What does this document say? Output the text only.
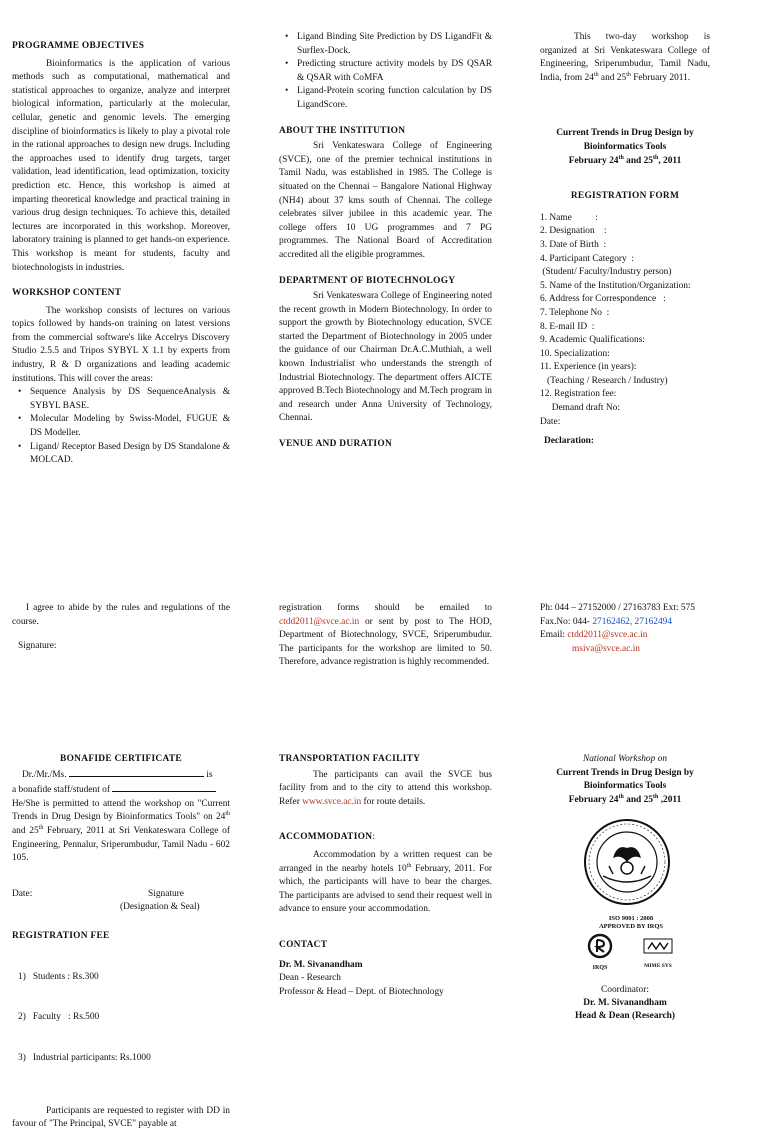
PROGRAMME OBJECTIVES

Bioinformatics is the application of various methods such as computational, mathematical and statistical approaches to organize, analyze and interpret biological information, particularly at the molecular, cellular, genetic and genomic levels. The emerging discipline of bioinformatics is likely to play a pivotal role in the rational approaches to design new drugs. Including the approaches used to identify drug targets, target validation, lead identification, lead optimization, toxicity prediction etc. Hence, this workshop is aimed at imparting theoretical knowledge and practical training in various drug design techniques. To achieve this, detailed lectures are incorporated in this workshop. Moreover, laboratory training is planned to get hands-on experience. This workshop is meant for students, faculty and biotechnologists in industries.

WORKSHOP CONTENT

The workshop consists of lectures on various topics followed by hands-on training on latest versions from the commercial software's like Accelrys Discovery Studio 2.5.5 and Tripos SYBYL X 1.1 by experts from industry, R & D organizations and leading academic institutions. This will cover the areas:

• Sequence Analysis by DS SequenceAnalysis & SYBYL BASE.
• Molecular Modeling by Swiss-Model, FUGUE & DS Modeller.
• Ligand/ Receptor Based Design by DS Standalone & MOLCAD.
• Ligand Binding Site Prediction by DS LigandFit & Surflex-Dock.
• Predicting structure activity models by DS QSAR & QSAR with CoMFA
• Ligand-Protein scoring function calculation by DS LigandScore.
ABOUT THE INSTITUTION

Sri Venkateswara College of Engineering (SVCE), one of the premier technical institutions in Tamil Nadu, was established in 1985. The College is situated on the Chennai – Bangalore National Highway (NH4) about 37 kms south of Chennai. The college celebrates silver jubilee in this academic year. The college offers 10 UG programmes and 7 PG programmes. The National Board of Accreditation accredited all the eligible programmes.

DEPARTMENT OF BIOTECHNOLOGY

Sri Venkateswara College of Engineering noted the recent growth in Modern Biotechnology. In order to support the growth by Biotechnology education, SVCE started the Department of Biotechnology in 2005 under the guidance of our Chairman Dr.A.C.Muthiah, a well known Industrialist who understands the strength of Industrial Biotechnology. The department offers AICTE approved B.Tech Biotechnology and M.Tech program in and research under Anna University of Technology, Chennai.

VENUE AND DURATION

This two-day workshop is organized at Sri Venkateswara College of Engineering, Sriperumbudur, Tamil Nadu, India, from 24th and 25th February 2011.

Current Trends in Drug Design by
Bioinformatics Tools
February 24th and 25th, 2011
REGISTRATION FORM
1. Name          :
2. Designation    :
3. Date of Birth  :
4. Participant Category  :
(Student/ Faculty/Industry person)
5. Name of the Institution/Organization:
6. Address for Correspondence   :
7. Telephone No  :
8. E-mail ID  :
9. Academic Qualifications:
10. Specialization:
11. Experience (in years):
(Teaching / Research / Industry)
12. Registration fee:
Demand draft No:
Date:
Declaration:

I agree to abide by the rules and regulations of the course.

Signature:

registration forms should be emailed to ctdd2011@svce.ac.in or sent by post to The HOD, Department of Biotechnology, SVCE, Sriperumbudur. The participants for the workshop are limited to 50. Therefore, advance registration is highly recommended.

Ph: 044 – 27152000 / 27163783 Ext: 575
Fax.No: 044- 27162462, 27162494
Email: ctdd2011@svce.ac.in
msiva@svce.ac.in
BONAFIDE CERTIFICATE
Dr./Mr./Ms.	is
a bonafide staff/student of

He/She is permitted to attend the workshop on "Current Trends in Drug Design by Bioinformatics Tools" on 24th and 25th February, 2011 at Sri Venkateswara College of Engineering, Pennalur, Sriperumbudur, Tamil Nadu - 602 105.

Date:	Signature
(Designation & Seal)
REGISTRATION FEE

1)   Students : Rs.300

2)   Faculty   : Rs.500

3)   Industrial participants: Rs.1000

Participants are requested to register with DD in favour of "The Principal, SVCE" payable at

TRANSPORTATION FACILITY

The participants can avail the SVCE bus facility from and to the city to attend this workshop. Refer www.svce.ac.in for route details.

ACCOMMODATION:

Accommodation by a written request can be arranged in the nearby hotels 10th February, 2011. For which, the participants will have to bear the charges. The participants are advised to send their request well in advance to ensure your accommodation.

CONTACT
Dr. M. Sivanandham
Dean - Research
Professor & Head – Dept. of Biotechnology
National Workshop on
Current Trends in Drug Design by
Bioinformatics Tools
February 24th and 25th ,2011
ISO 9001 : 2008
APPROVED BY IRQS
IRQS	MIME SYS
Coordinator:
Dr. M. Sivanandham
Head & Dean (Research)
